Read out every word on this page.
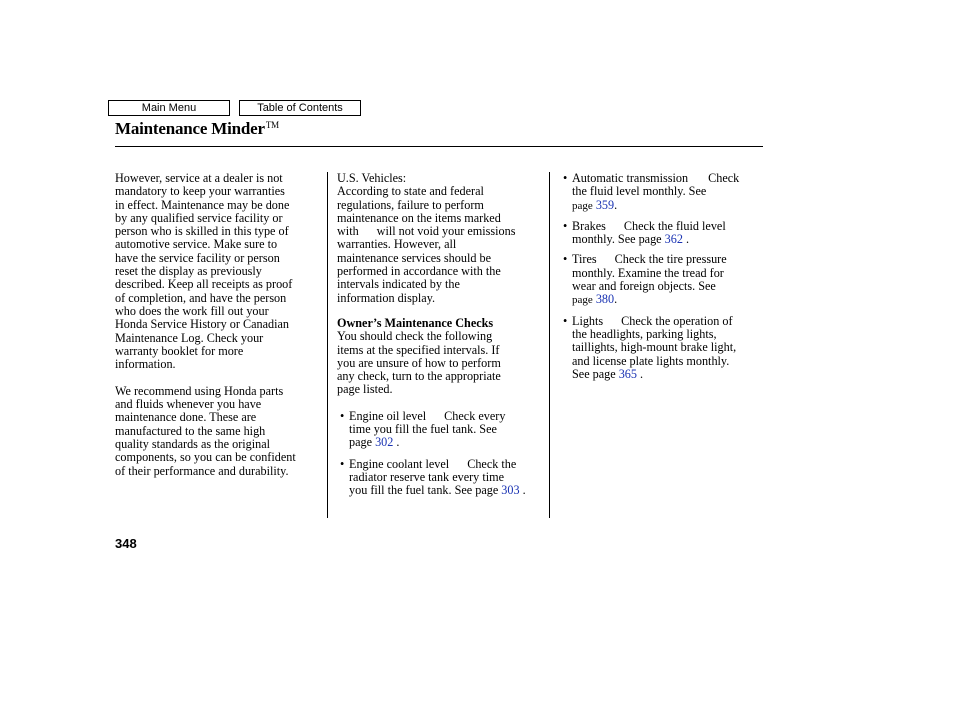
Main Menu	Table of Contents
Maintenance Minder™

However, service at a dealer is not
mandatory to keep your warranties
in effect. Maintenance may be done
by any qualified service facility or
person who is skilled in this type of
automotive service. Make sure to
have the service facility or person
reset the display as previously
described. Keep all receipts as proof
of completion, and have the person
who does the work fill out your
Honda Service History or Canadian
Maintenance Log. Check your
warranty booklet for more
information.

We recommend using Honda parts
and fluids whenever you have
maintenance done. These are
manufactured to the same high
quality standards as the original
components, so you can be confident
of their performance and durability.

U.S. Vehicles:
According to state and federal
regulations, failure to perform
maintenance on the items marked
with will not void your emissions
warranties. However, all
maintenance services should be
performed in accordance with the
intervals indicated by the
information display.

Owner’s Maintenance Checks
You should check the following
items at the specified intervals. If
you are unsure of how to perform
any check, turn to the appropriate
page listed.

• Engine oil level Check every
time you fill the fuel tank. See
page 302 .
• Engine coolant level Check the
radiator reserve tank every time
you fill the fuel tank. See page 303 .
• Automatic transmission Check
the fluid level monthly. See
page 359.
• Brakes Check the fluid level
monthly. See page 362 .
• Tires Check the tire pressure
monthly. Examine the tread for
wear and foreign objects. See
page 380.
• Lights Check the operation of
the headlights, parking lights,
taillights, high-mount brake light,
and license plate lights monthly.
See page 365 .
348
